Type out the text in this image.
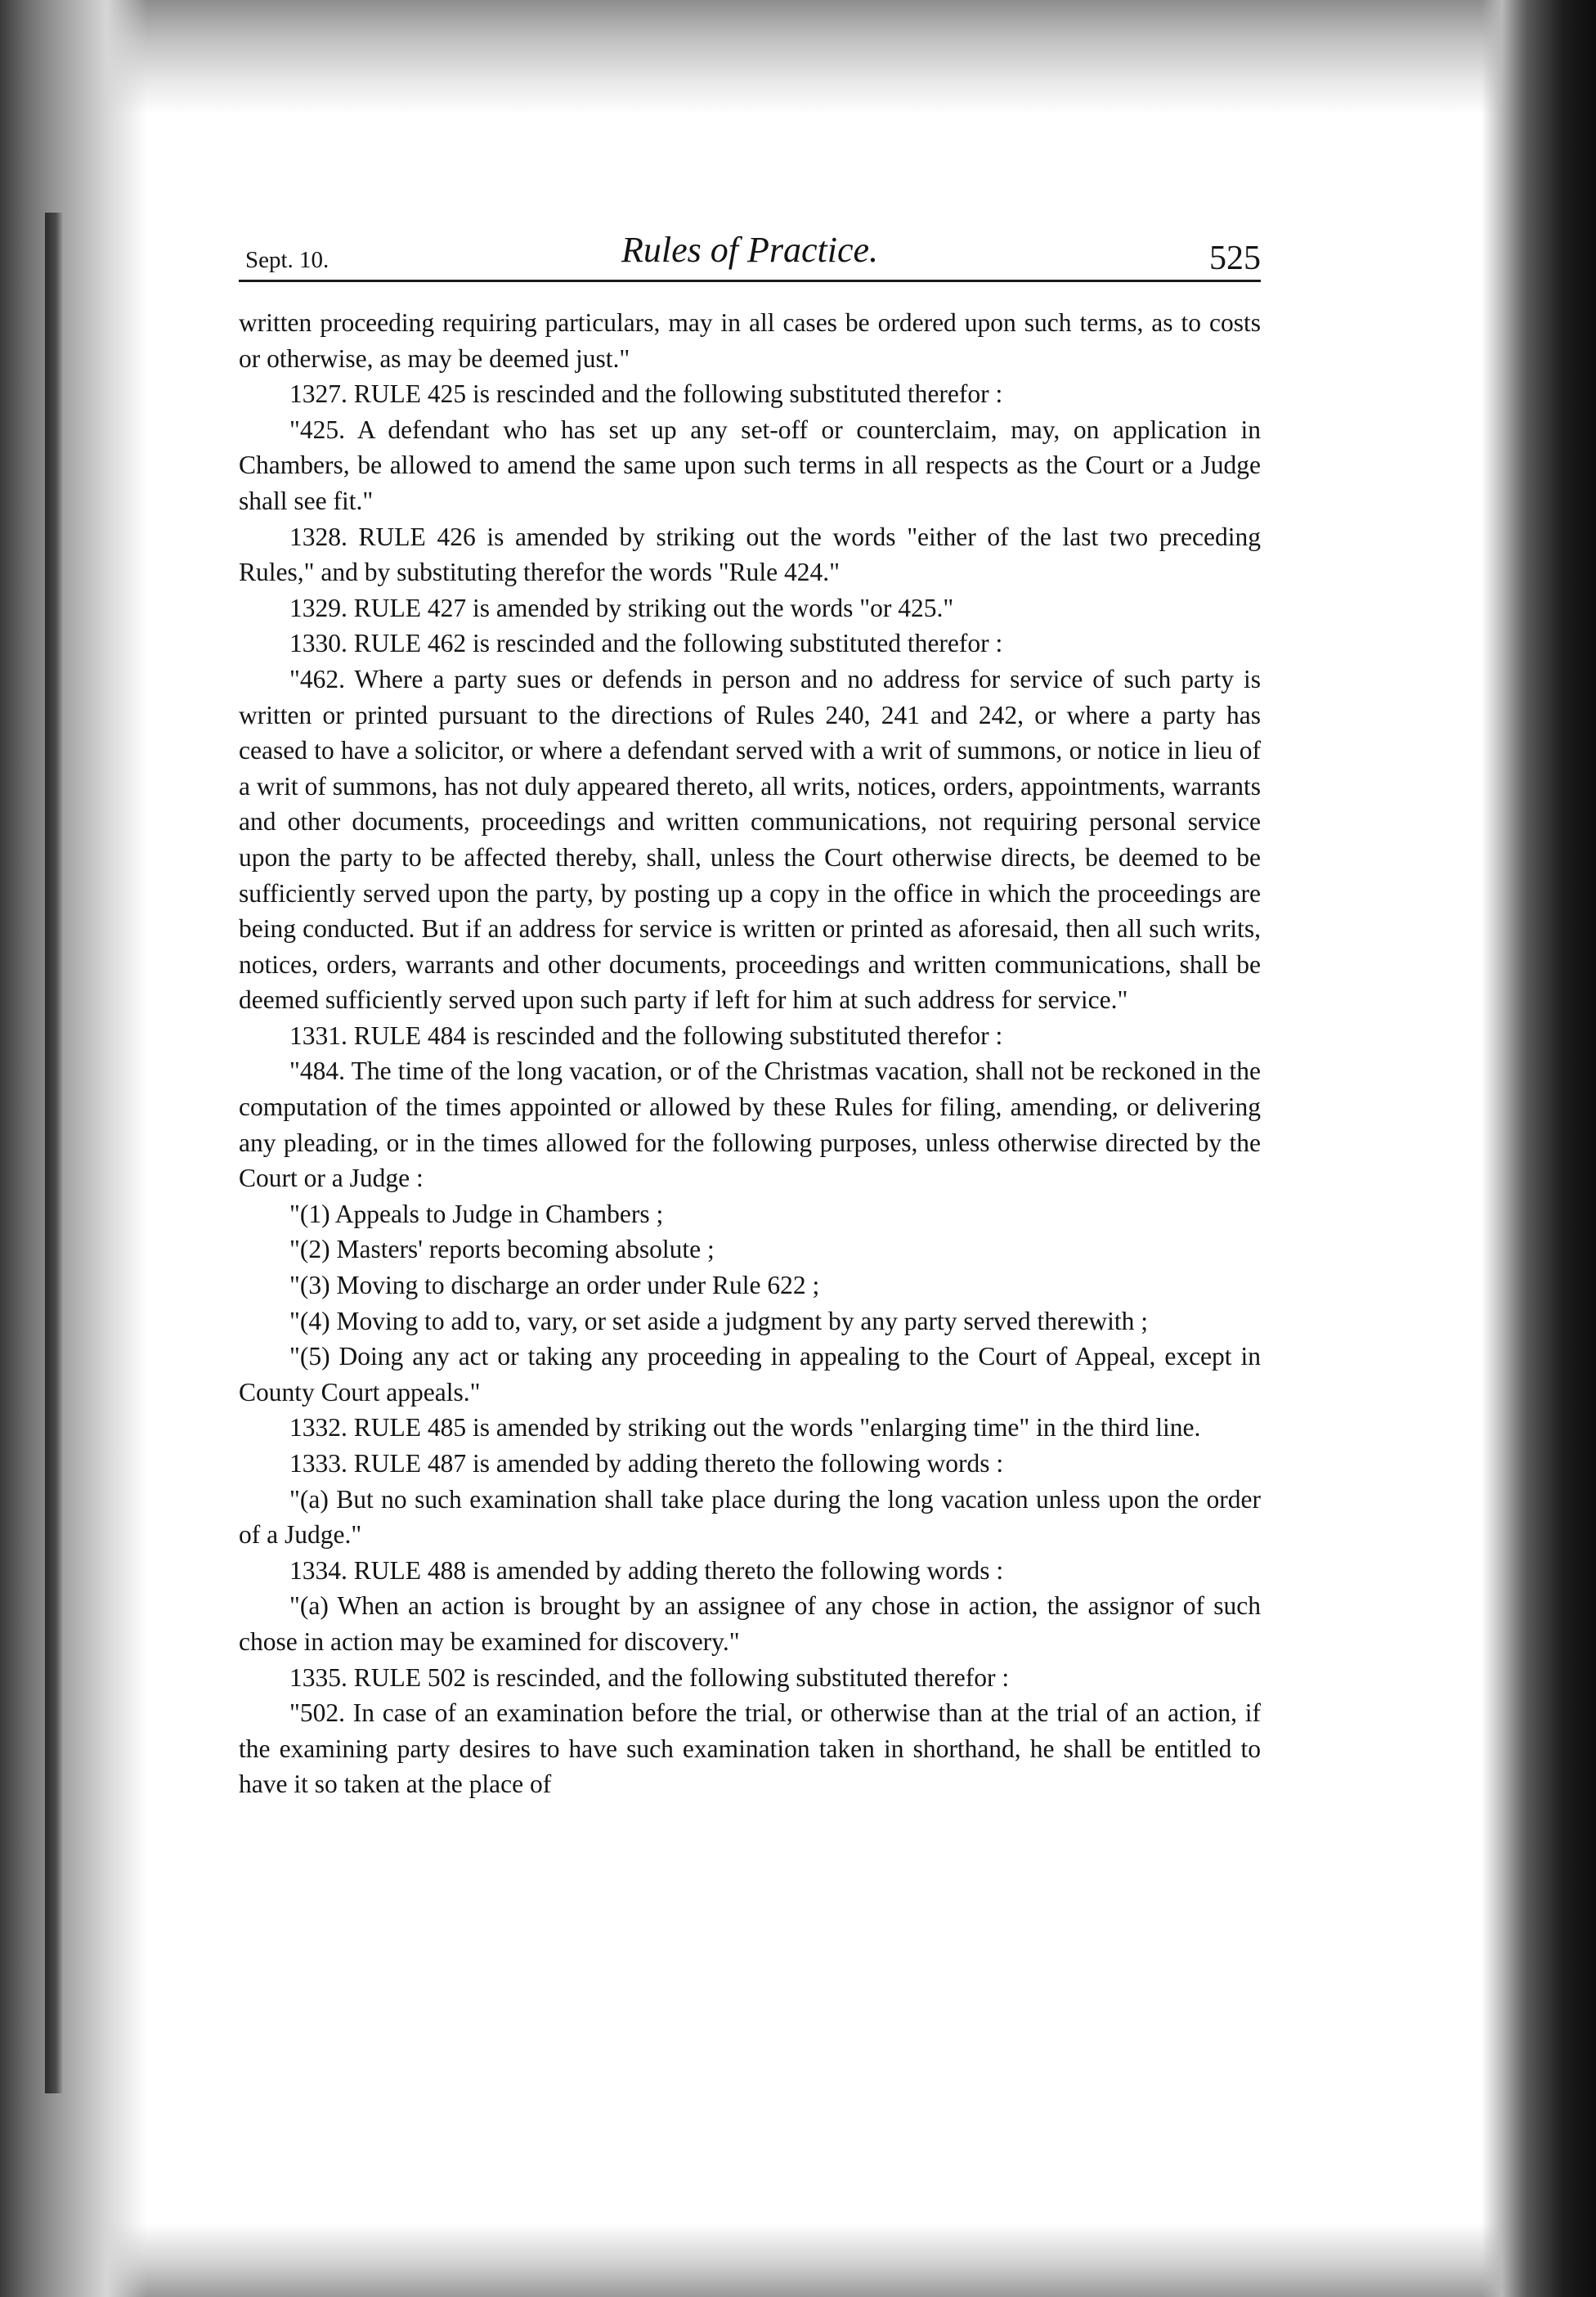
Sept. 10.	Rules of Practice.	525

written proceeding requiring particulars, may in all cases be ordered upon such terms, as to costs or otherwise, as may be deemed just."

1327. RULE 425 is rescinded and the following substituted therefor :

"425. A defendant who has set up any set-off or counterclaim, may, on application in Chambers, be allowed to amend the same upon such terms in all respects as the Court or a Judge shall see fit."

1328. RULE 426 is amended by striking out the words "either of the last two preceding Rules," and by substituting therefor the words "Rule 424."

1329. RULE 427 is amended by striking out the words "or 425."

1330. RULE 462 is rescinded and the following substituted therefor :

"462. Where a party sues or defends in person and no address for service of such party is written or printed pursuant to the directions of Rules 240, 241 and 242, or where a party has ceased to have a solicitor, or where a defendant served with a writ of summons, or notice in lieu of a writ of summons, has not duly appeared thereto, all writs, notices, orders, appointments, warrants and other documents, proceedings and written communications, not requiring personal service upon the party to be affected thereby, shall, unless the Court otherwise directs, be deemed to be sufficiently served upon the party, by posting up a copy in the office in which the proceedings are being conducted. But if an address for service is written or printed as aforesaid, then all such writs, notices, orders, warrants and other documents, proceedings and written communications, shall be deemed sufficiently served upon such party if left for him at such address for service."

1331. RULE 484 is rescinded and the following substituted therefor :

"484. The time of the long vacation, or of the Christmas vacation, shall not be reckoned in the computation of the times appointed or allowed by these Rules for filing, amending, or delivering any pleading, or in the times allowed for the following purposes, unless otherwise directed by the Court or a Judge :

"(1) Appeals to Judge in Chambers ;

"(2) Masters' reports becoming absolute ;

"(3) Moving to discharge an order under Rule 622 ;

"(4) Moving to add to, vary, or set aside a judgment by any party served therewith ;

"(5) Doing any act or taking any proceeding in appealing to the Court of Appeal, except in County Court appeals."

1332. RULE 485 is amended by striking out the words "enlarging time" in the third line.

1333. RULE 487 is amended by adding thereto the following words :

"(a) But no such examination shall take place during the long vacation unless upon the order of a Judge."

1334. RULE 488 is amended by adding thereto the following words :

"(a) When an action is brought by an assignee of any chose in action, the assignor of such chose in action may be examined for discovery."

1335. RULE 502 is rescinded, and the following substituted therefor :

"502. In case of an examination before the trial, or otherwise than at the trial of an action, if the examining party desires to have such examination taken in shorthand, he shall be entitled to have it so taken at the place of
